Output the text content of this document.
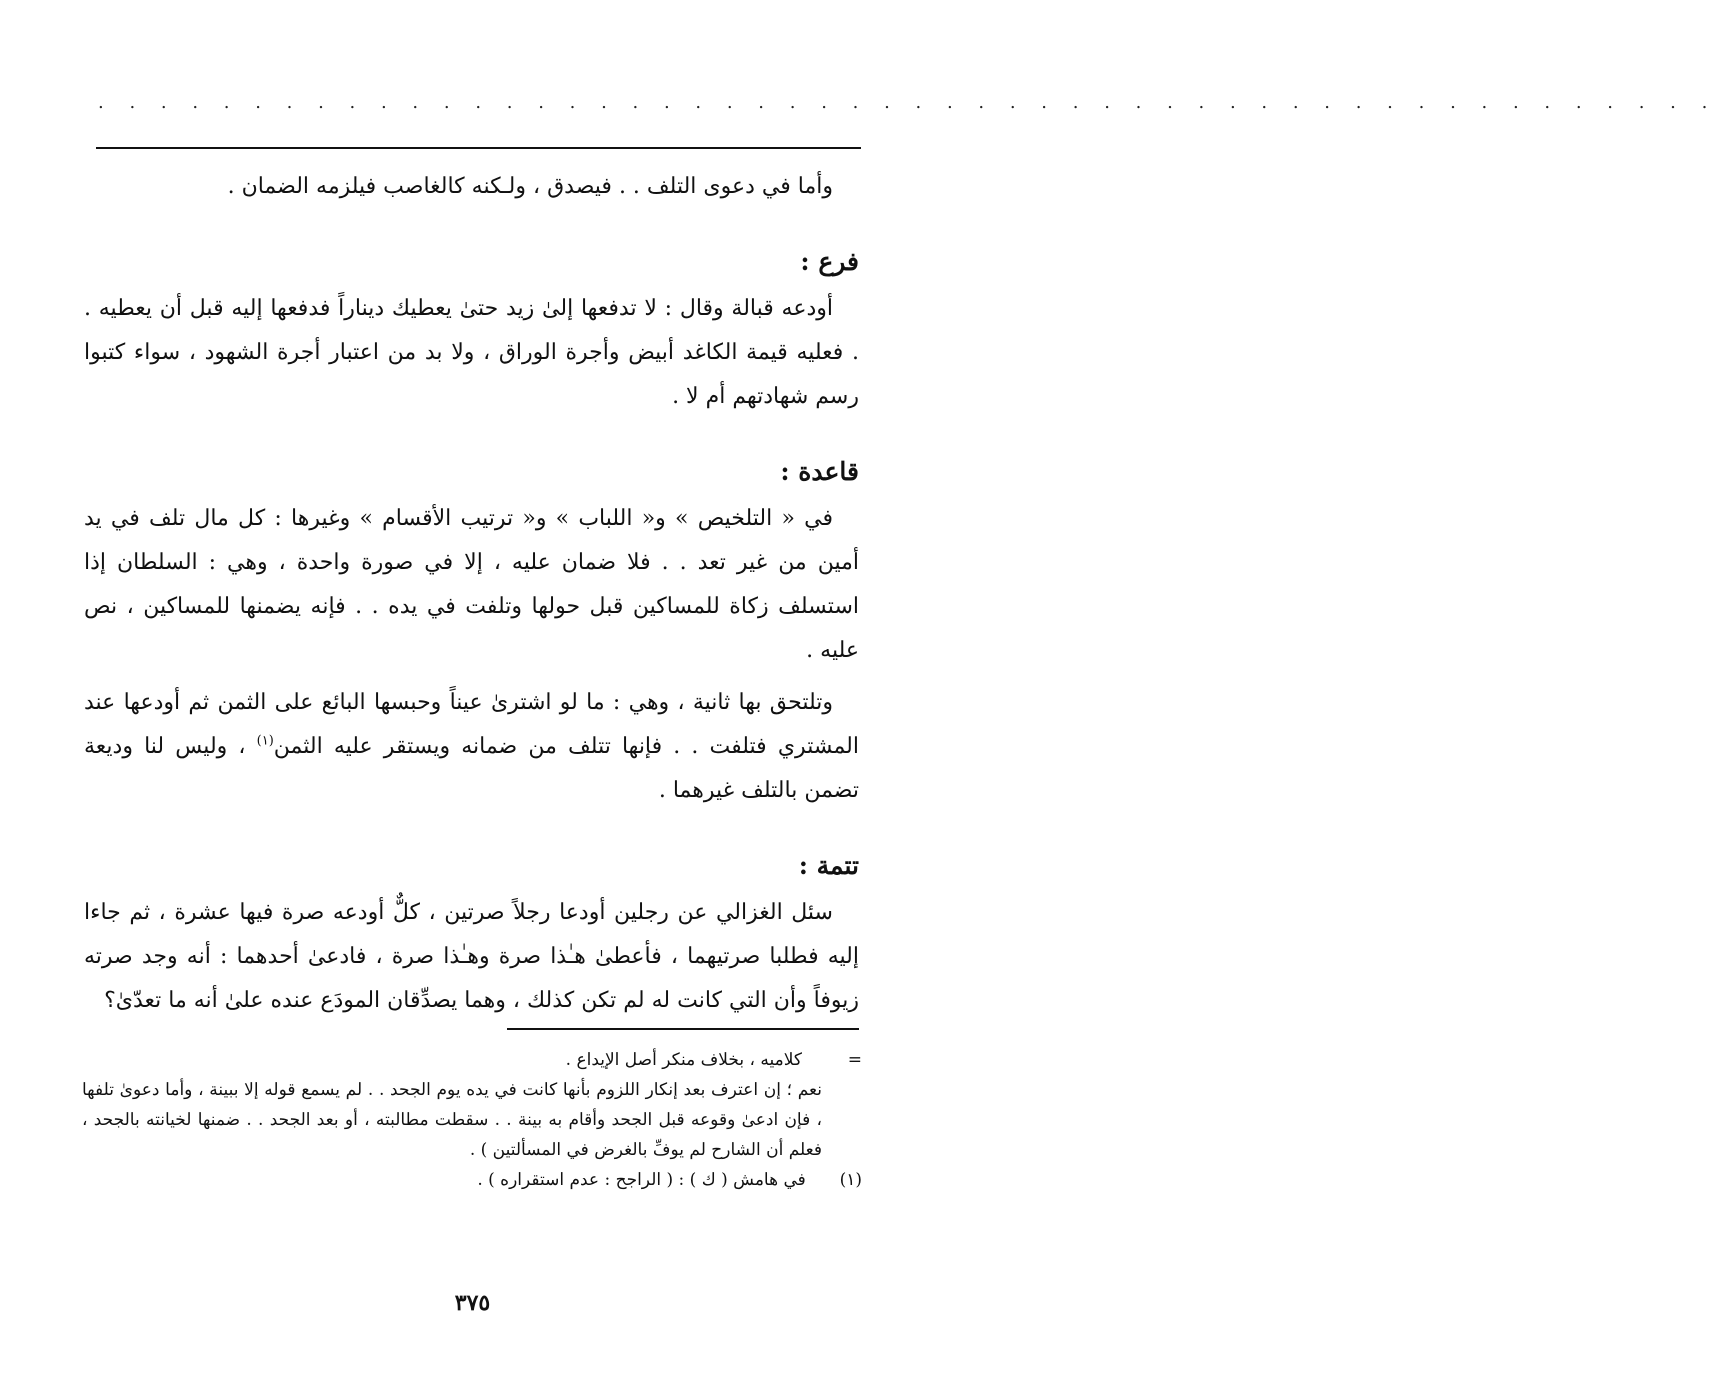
. . . . . . . . . . . . . . . . . . . . . . . . . . . . . . . . . . . . . . . . . . . . . . . . . . . .

وأما في دعوى التلف . . فيصدق ، ولـكنه كالغاصب فيلزمه الضمان .

فرع :

أودعه قبالة وقال : لا تدفعها إلىٰ زيد حتىٰ يعطيك ديناراً فدفعها إليه قبل أن يعطيه . . فعليه قيمة الكاغد أبيض وأجرة الوراق ، ولا بد من اعتبار أجرة الشهود ، سواء كتبوا رسم شهادتهم أم لا .

قاعدة :

في « التلخيص » و« اللباب » و« ترتيب الأقسام » وغيرها : كل مال تلف في يد أمين من غير تعد . . فلا ضمان عليه ، إلا في صورة واحدة ، وهي : السلطان إذا استسلف زكاة للمساكين قبل حولها وتلفت في يده . . فإنه يضمنها للمساكين ، نص عليه .

وتلتحق بها ثانية ، وهي : ما لو اشترىٰ عيناً وحبسها البائع على الثمن ثم أودعها عند المشتري فتلفت . . فإنها تتلف من ضمانه ويستقر عليه الثمن$^{(١)}$ ، وليس لنا وديعة تضمن بالتلف غيرهما .

تتمة :

سئل الغزالي عن رجلين أودعا رجلاً صرتين ، كلٌّ أودعه صرة فيها عشرة ، ثم جاءا إليه فطلبا صرتيهما ، فأعطىٰ هـٰذا صرة وهـٰذا صرة ، فادعىٰ أحدهما : أنه وجد صرته زيوفاً وأن التي كانت له لم تكن كذلك ، وهما يصدِّقان المودَع عنده علىٰ أنه ما تعدّىٰ؟

=كلاميه ، بخلاف منكر أصل الإيداع .

نعم ؛ إن اعترف بعد إنكار اللزوم بأنها كانت في يده يوم الجحد . . لم يسمع قوله إلا ببينة ، وأما دعوىٰ تلفها ، فإن ادعىٰ وقوعه قبل الجحد وأقام به بينة . . سقطت مطالبته ، أو بعد الجحد . . ضمنها لخيانته بالجحد ، فعلم أن الشارح لم يوفِّ بالغرض في المسألتين ) .

(١)   في هامش ( ك ) : ( الراجح : عدم استقراره ) .

٣٧٥
